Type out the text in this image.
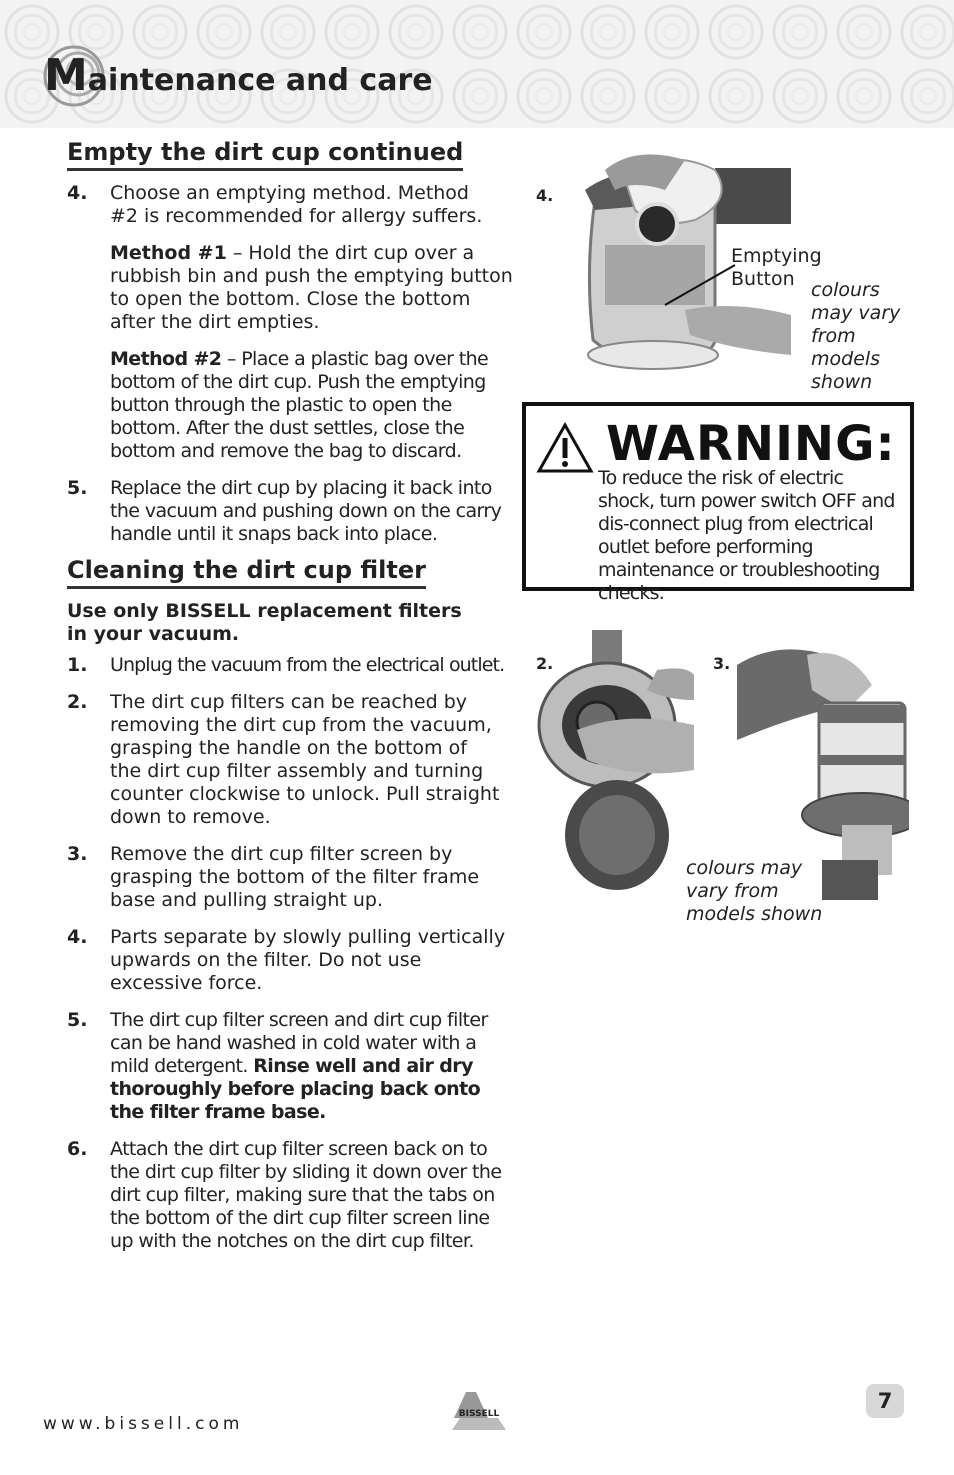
Maintenance and care
Empty the dirt cup continued
4. Choose an emptying method. Method #2 is recommended for allergy suffers.
Method #1 – Hold the dirt cup over a rubbish bin and push the emptying button to open the bottom. Close the bottom after the dirt empties.
Method #2 – Place a plastic bag over the bottom of the dirt cup. Push the emptying button through the plastic to open the bottom. After the dust settles, close the bottom and remove the bag to discard.
5. Replace the dirt cup by placing it back into the vacuum and pushing down on the carry handle until it snaps back into place.
Cleaning the dirt cup filter
Use only BISSELL replacement filters in your vacuum.
1. Unplug the vacuum from the electrical outlet.
2. The dirt cup filters can be reached by removing the dirt cup from the vacuum, grasping the handle on the bottom of the dirt cup filter assembly and turning counter clockwise to unlock. Pull straight down to remove.
3. Remove the dirt cup filter screen by grasping the bottom of the filter frame base and pulling straight up.
4. Parts separate by slowly pulling vertically upwards on the filter. Do not use excessive force.
5. The dirt cup filter screen and dirt cup filter can be hand washed in cold water with a mild detergent. Rinse well and air dry thoroughly before placing back onto the filter frame base.
6. Attach the dirt cup filter screen back on to the dirt cup filter by sliding it down over the dirt cup filter, making sure that the tabs on the bottom of the dirt cup filter screen line up with the notches on the dirt cup filter.
4.
Emptying Button colours may vary from models shown
WARNING:
To reduce the risk of electric shock, turn power switch OFF and dis-connect plug from electrical outlet before performing maintenance or troubleshooting checks.
2.	3.
colours may vary from models shown
www.bissell.com	BISSELL
7
